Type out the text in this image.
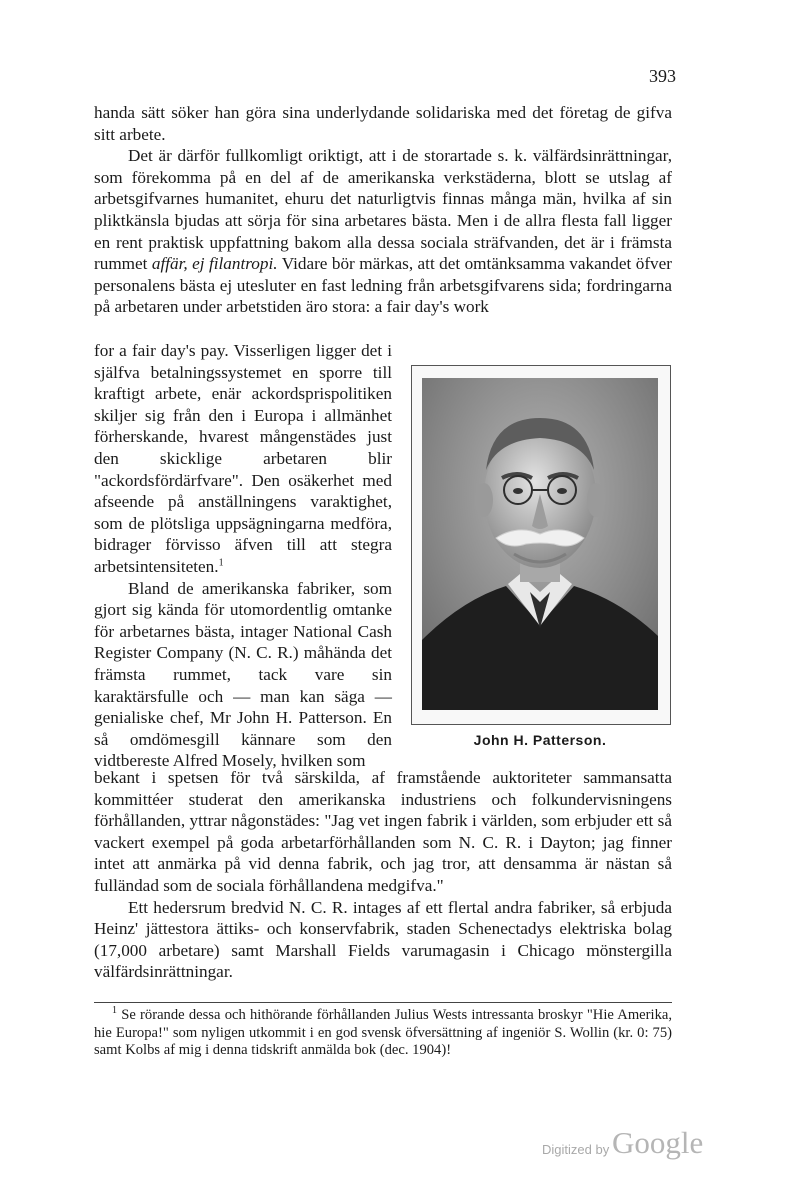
393

handa sätt söker han göra sina underlydande solidariska med det företag de gifva sitt arbete.

Det är därför fullkomligt oriktigt, att i de storartade s. k. välfärdsinrättningar, som förekomma på en del af de amerikanska verkstäderna, blott se utslag af arbetsgifvarnes humanitet, ehuru det naturligtvis finnas många män, hvilka af sin pliktkänsla bjudas att sörja för sina arbetares bästa. Men i de allra flesta fall ligger en rent praktisk uppfattning bakom alla dessa sociala sträfvanden, det är i främsta rummet affär, ej filantropi. Vidare bör märkas, att det omtänksamma vakandet öfver personalens bästa ej utesluter en fast ledning från arbetsgifvarens sida; fordringarna på arbetaren under arbetstiden äro stora: a fair day's work

for a fair day's pay. Visserligen ligger det i själfva betalningssystemet en sporre till kraftigt arbete, enär ackordsprispolitiken skiljer sig från den i Europa i allmänhet förherskande, hvarest mångenstädes just den skicklige arbetaren blir "ackordsfördärfvare". Den osäkerhet med afseende på anställningens varaktighet, som de plötsliga uppsägningarna medföra, bidrager förvisso äfven till att stegra arbetsintensiteten.$^1$

Bland de amerikanska fabriker, som gjort sig kända för utomordentlig omtanke för arbetarnes bästa, intager National Cash Register Company (N. C. R.) måhända det främsta rummet, tack vare sin karaktärsfulle och — man kan säga — genialiske chef, Mr John H. Patterson. En så omdömesgill kännare som den vidtbereste Alfred Mosely, hvilken som

John H. Patterson.

bekant i spetsen för två särskilda, af framstående auktoriteter sammansatta kommittéer studerat den amerikanska industriens och folkundervisningens förhållanden, yttrar någonstädes: "Jag vet ingen fabrik i världen, som erbjuder ett så vackert exempel på goda arbetarförhållanden som N. C. R. i Dayton; jag finner intet att anmärka på vid denna fabrik, och jag tror, att densamma är nästan så fulländad som de sociala förhållandena medgifva."

Ett hedersrum bredvid N. C. R. intages af ett flertal andra fabriker, så erbjuda Heinz' jättestora ättiks- och konservfabrik, staden Schenectadys elektriska bolag (17,000 arbetare) samt Marshall Fields varumagasin i Chicago mönstergilla välfärdsinrättningar.

$^1$ Se rörande dessa och hithörande förhållanden Julius Wests intressanta broskyr "Hie Amerika, hie Europa!" som nyligen utkommit i en god svensk öfversättning af ingeniör S. Wollin (kr. 0: 75) samt Kolbs af mig i denna tidskrift anmälda bok (dec. 1904)!

Digitized by Google
